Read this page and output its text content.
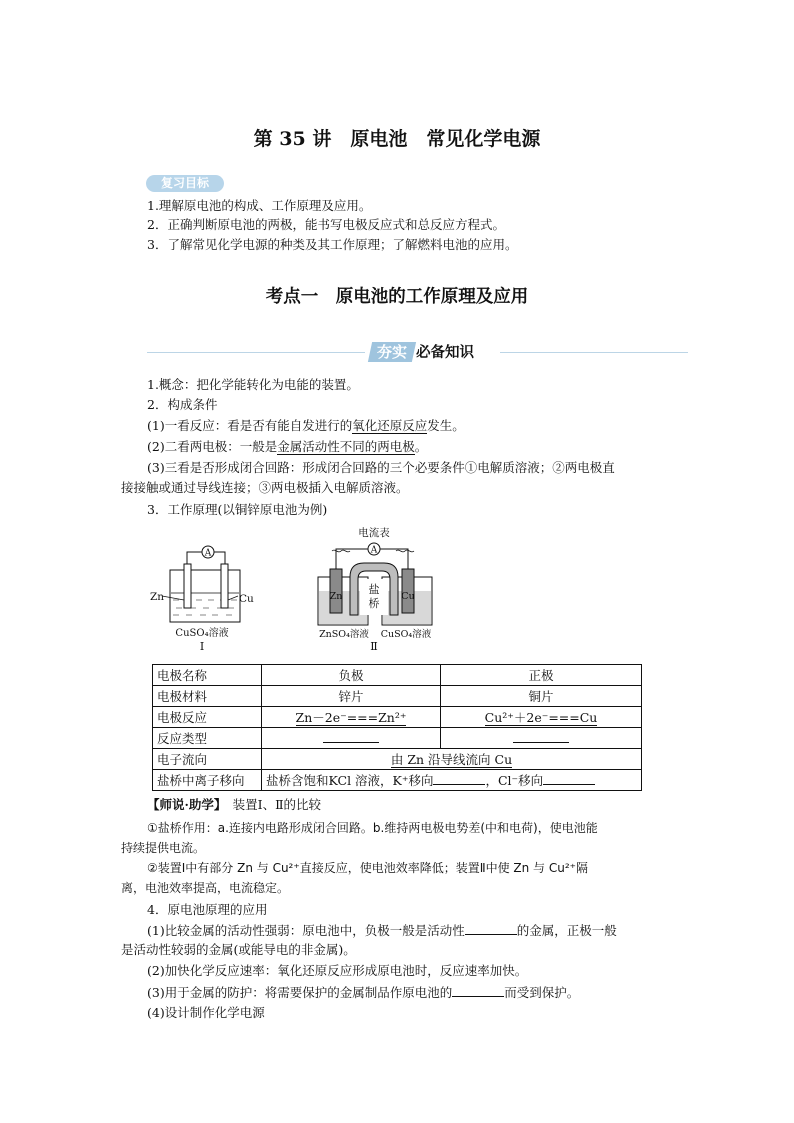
第 35 讲　原电池　常见化学电源
复习目标
1.理解原电池的构成、工作原理及应用。
2．正确判断原电池的两极，能书写电极反应式和总反应方程式。
3．了解常见化学电源的种类及其工作原理；了解燃料电池的应用。
考点一　原电池的工作原理及应用
夯实 必备知识
1.概念：把化学能转化为电能的装置。
2．构成条件
(1)一看反应：看是否有能自发进行的氧化还原反应发生。
(2)二看两电极：一般是金属活动性不同的两电极。
(3)三看是否形成闭合回路：形成闭合回路的三个必要条件①电解质溶液；②两电极直
接接触或通过导线连接；③两电极插入电解质溶液。
3．工作原理(以铜锌原电池为例)
A
Zn	Cu
CuSO₄溶液
Ⅰ
电流表
A
盐
桥
Zn	Cu
ZnSO₄溶液 CuSO₄溶液
Ⅱ
电极名称	负极	正极
电极材料	锌片	铜片
电极反应	Zn－2e⁻===Zn²⁺	Cu²⁺＋2e⁻===Cu
反应类型		
电子流向	由 Zn 沿导线流向 Cu	
盐桥中离子移向	盐桥含饱和KCl 溶液，K⁺移向 ，Cl⁻移向	
【师说·助学】　 装置Ⅰ、Ⅱ的比较
①盐桥作用：a.连接内电路形成闭合回路。b.维持两电极电势差(中和电荷)，使电池能
持续提供电流。
②装置Ⅰ中有部分 Zn 与 Cu²⁺直接反应，使电池效率降低；装置Ⅱ中使 Zn 与 Cu²⁺隔
离，电池效率提高，电流稳定。
4．原电池原理的应用
(1)比较金属的活动性强弱：原电池中，负极一般是活动性	的金属，正极一般
是活动性较弱的金属(或能导电的非金属)。
(2)加快化学反应速率：氧化还原反应形成原电池时，反应速率加快。
(3)用于金属的防护：将需要保护的金属制品作原电池的	而受到保护。
(4)设计制作化学电源
